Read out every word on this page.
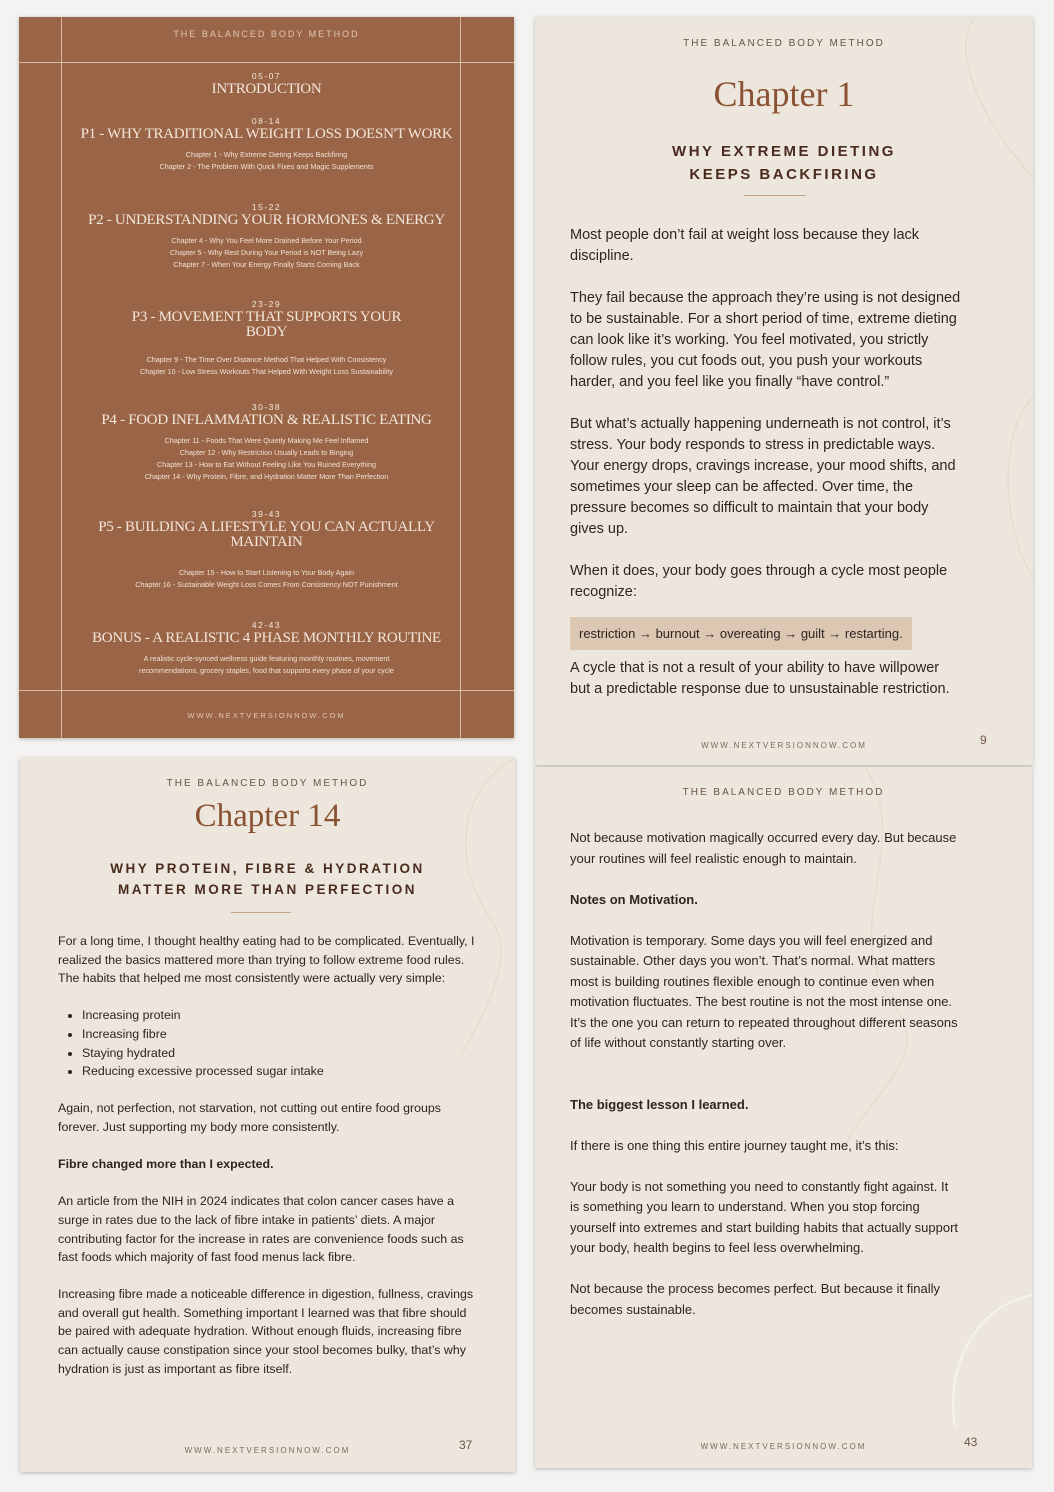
THE BALANCED BODY METHOD
05-07
INTRODUCTION
08-14
P1 - WHY TRADITIONAL WEIGHT LOSS DOESN'T WORK
Chapter 1 - Why Extreme Dieting Keeps Backfiring
Chapter 2 - The Problem With Quick Fixes and Magic Supplements
15-22
P2 - UNDERSTANDING YOUR HORMONES & ENERGY
Chapter 4 - Why You Feel More Drained Before Your Period
Chapter 5 - Why Rest During Your Period is NOT Being Lazy
Chapter 7 - When Your Energy Finally Starts Coming Back
23-29
P3 - MOVEMENT THAT SUPPORTS YOUR BODY
Chapter 9 - The Time Over Distance Method That Helped With Consistency
Chapter 10 - Low Stress Workouts That Helped With Weight Loss Sustainability
30-38
P4 - FOOD INFLAMMATION & REALISTIC EATING
Chapter 11 - Foods That Were Quietly Making Me Feel Inflamed
Chapter 12 - Why Restriction Usually Leads to Binging
Chapter 13 - How to Eat Without Feeling Like You Ruined Everything
Chapter 14 - Why Protein, Fibre, and Hydration Matter More Than Perfection
39-43
P5 - BUILDING A LIFESTYLE YOU CAN ACTUALLY MAINTAIN
Chapter 15 - How to Start Listening to Your Body Again
Chapter 16 - Sustainable Weight Loss Comes From Consistency NOT Punishment
42-43
BONUS - A REALISTIC 4 PHASE MONTHLY ROUTINE
A realistic cycle-synced wellness guide featuring monthly routines, movement
recommendations, grocery staples, food that supports every phase of your cycle
WWW.NEXTVERSIONNOW.COM
THE BALANCED BODY METHOD
Chapter 1
WHY EXTREME DIETING
KEEPS BACKFIRING

Most people don’t fail at weight loss because they lack discipline.

They fail because the approach they’re using is not designed to be sustainable. For a short period of time, extreme dieting can look like it’s working. You feel motivated, you strictly follow rules, you cut foods out, you push your workouts harder, and you feel like you finally “have control.”

But what’s actually happening underneath is not control, it’s stress. Your body responds to stress in predictable ways. Your energy drops, cravings increase, your mood shifts, and sometimes your sleep can be affected. Over time, the pressure becomes so difficult to maintain that your body gives up.

When it does, your body goes through a cycle most people recognize:

restriction → burnout → overeating → guilt → restarting.

A cycle that is not a result of your ability to have willpower but a predictable response due to unsustainable restriction.

WWW.NEXTVERSIONNOW.COM	9
THE BALANCED BODY METHOD
Chapter 14
WHY PROTEIN, FIBRE & HYDRATION
MATTER MORE THAN PERFECTION

For a long time, I thought healthy eating had to be complicated. Eventually, I realized the basics mattered more than trying to follow extreme food rules. The habits that helped me most consistently were actually very simple:

• Increasing protein
• Increasing fibre
• Staying hydrated
• Reducing excessive processed sugar intake

Again, not perfection, not starvation, not cutting out entire food groups forever. Just supporting my body more consistently.

Fibre changed more than I expected.

An article from the NIH in 2024 indicates that colon cancer cases have a surge in rates due to the lack of fibre intake in patients’ diets. A major contributing factor for the increase in rates are convenience foods such as fast foods which majority of fast food menus lack fibre.

Increasing fibre made a noticeable difference in digestion, fullness, cravings and overall gut health. Something important I learned was that fibre should be paired with adequate hydration. Without enough fluids, increasing fibre can actually cause constipation since your stool becomes bulky, that’s why hydration is just as important as fibre itself.

WWW.NEXTVERSIONNOW.COM	37
THE BALANCED BODY METHOD

Not because motivation magically occurred every day. But because your routines will feel realistic enough to maintain.

Notes on Motivation.

Motivation is temporary. Some days you will feel energized and sustainable. Other days you won’t. That’s normal. What matters most is building routines flexible enough to continue even when motivation fluctuates. The best routine is not the most intense one. It’s the one you can return to repeated throughout different seasons of life without constantly starting over.

The biggest lesson I learned.

If there is one thing this entire journey taught me, it’s this:

Your body is not something you need to constantly fight against. It is something you learn to understand. When you stop forcing yourself into extremes and start building habits that actually support your body, health begins to feel less overwhelming.

Not because the process becomes perfect. But because it finally becomes sustainable.

WWW.NEXTVERSIONNOW.COM	43
